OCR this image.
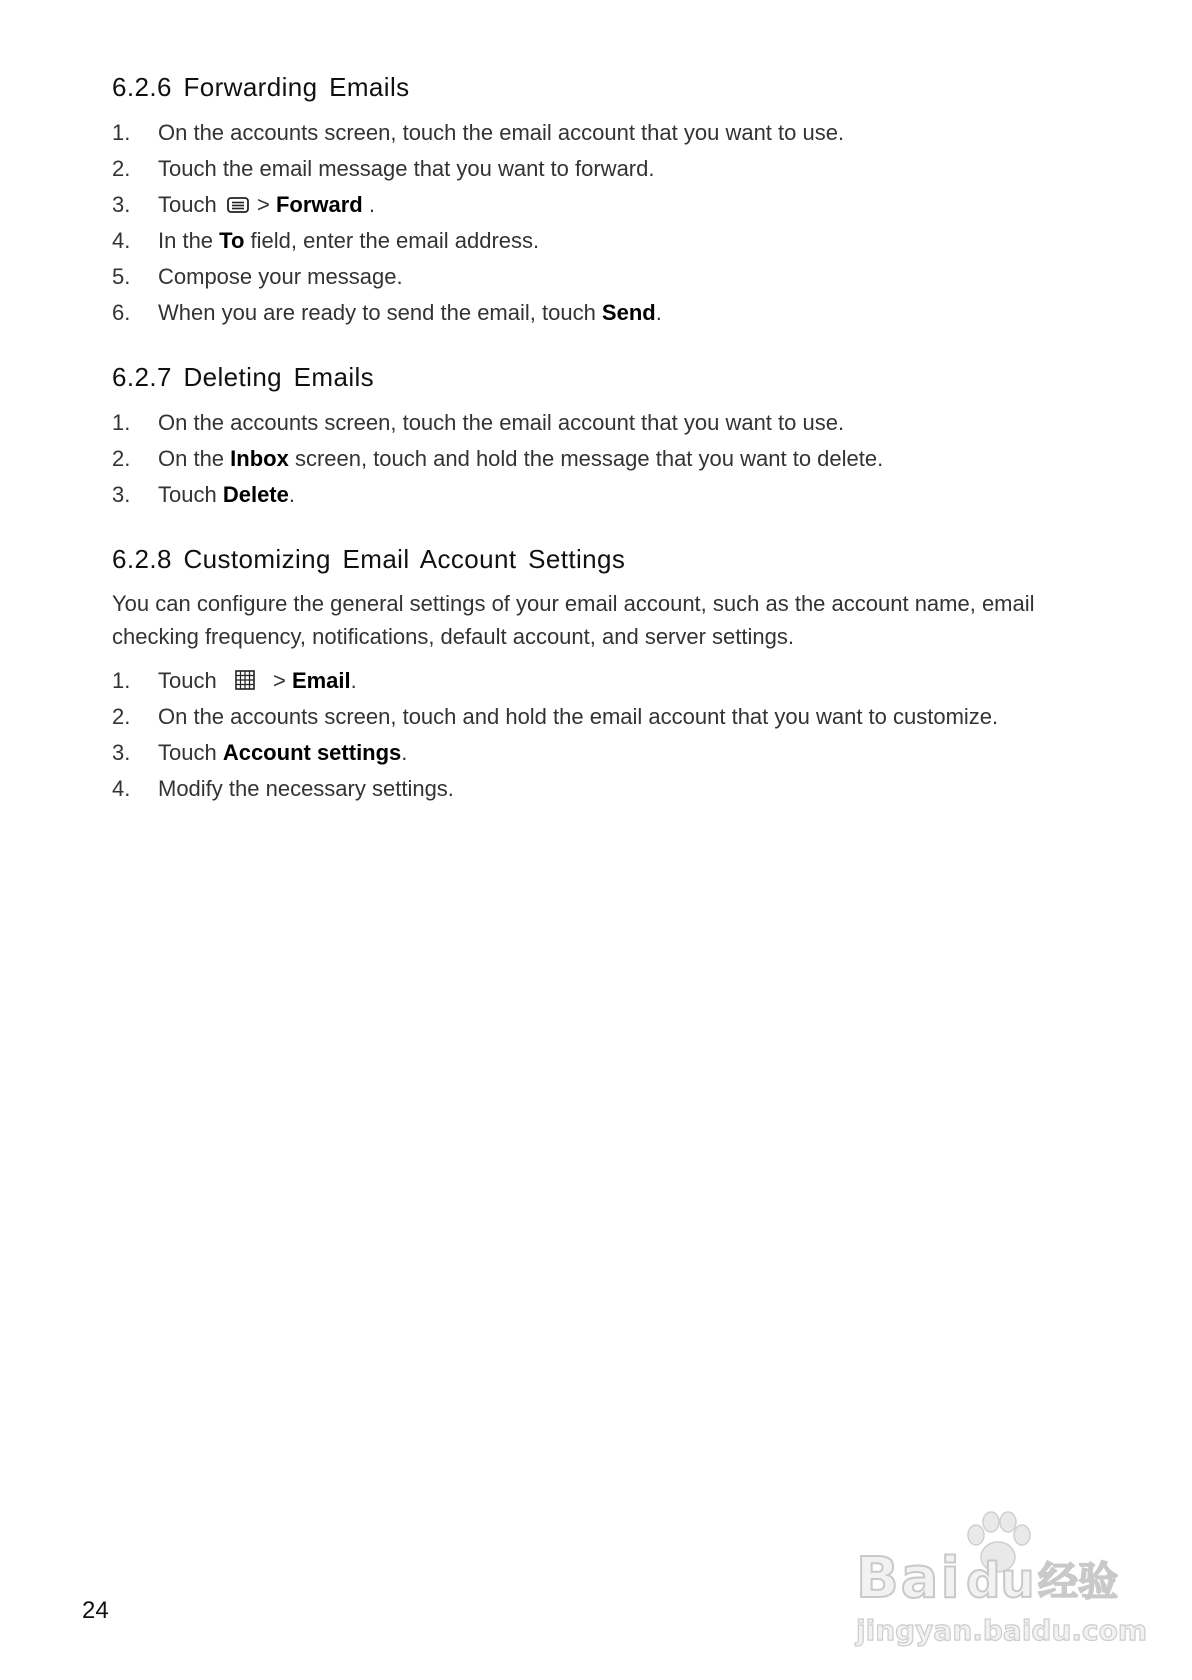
6.2.6 Forwarding Emails
1.	On the accounts screen, touch the email account that you want to use.
2.	Touch the email message that you want to forward.
3.	Touch  > Forward .
4.	In the To field, enter the email address.
5.	Compose your message.
6.	When you are ready to send the email, touch Send.
6.2.7 Deleting Emails
1.	On the accounts screen, touch the email account that you want to use.
2.	On the Inbox screen, touch and hold the message that you want to delete.
3.	Touch Delete.
6.2.8 Customizing Email Account Settings

You can configure the general settings of your email account, such as the account name, email checking frequency, notifications, default account, and server settings.

1.	Touch	> Email.
2.	On the accounts screen, touch and hold the email account that you want to customize.
3.	Touch Account settings.
4.	Modify the necessary settings.
24	Bai du 经验
jingyan.baidu.com
